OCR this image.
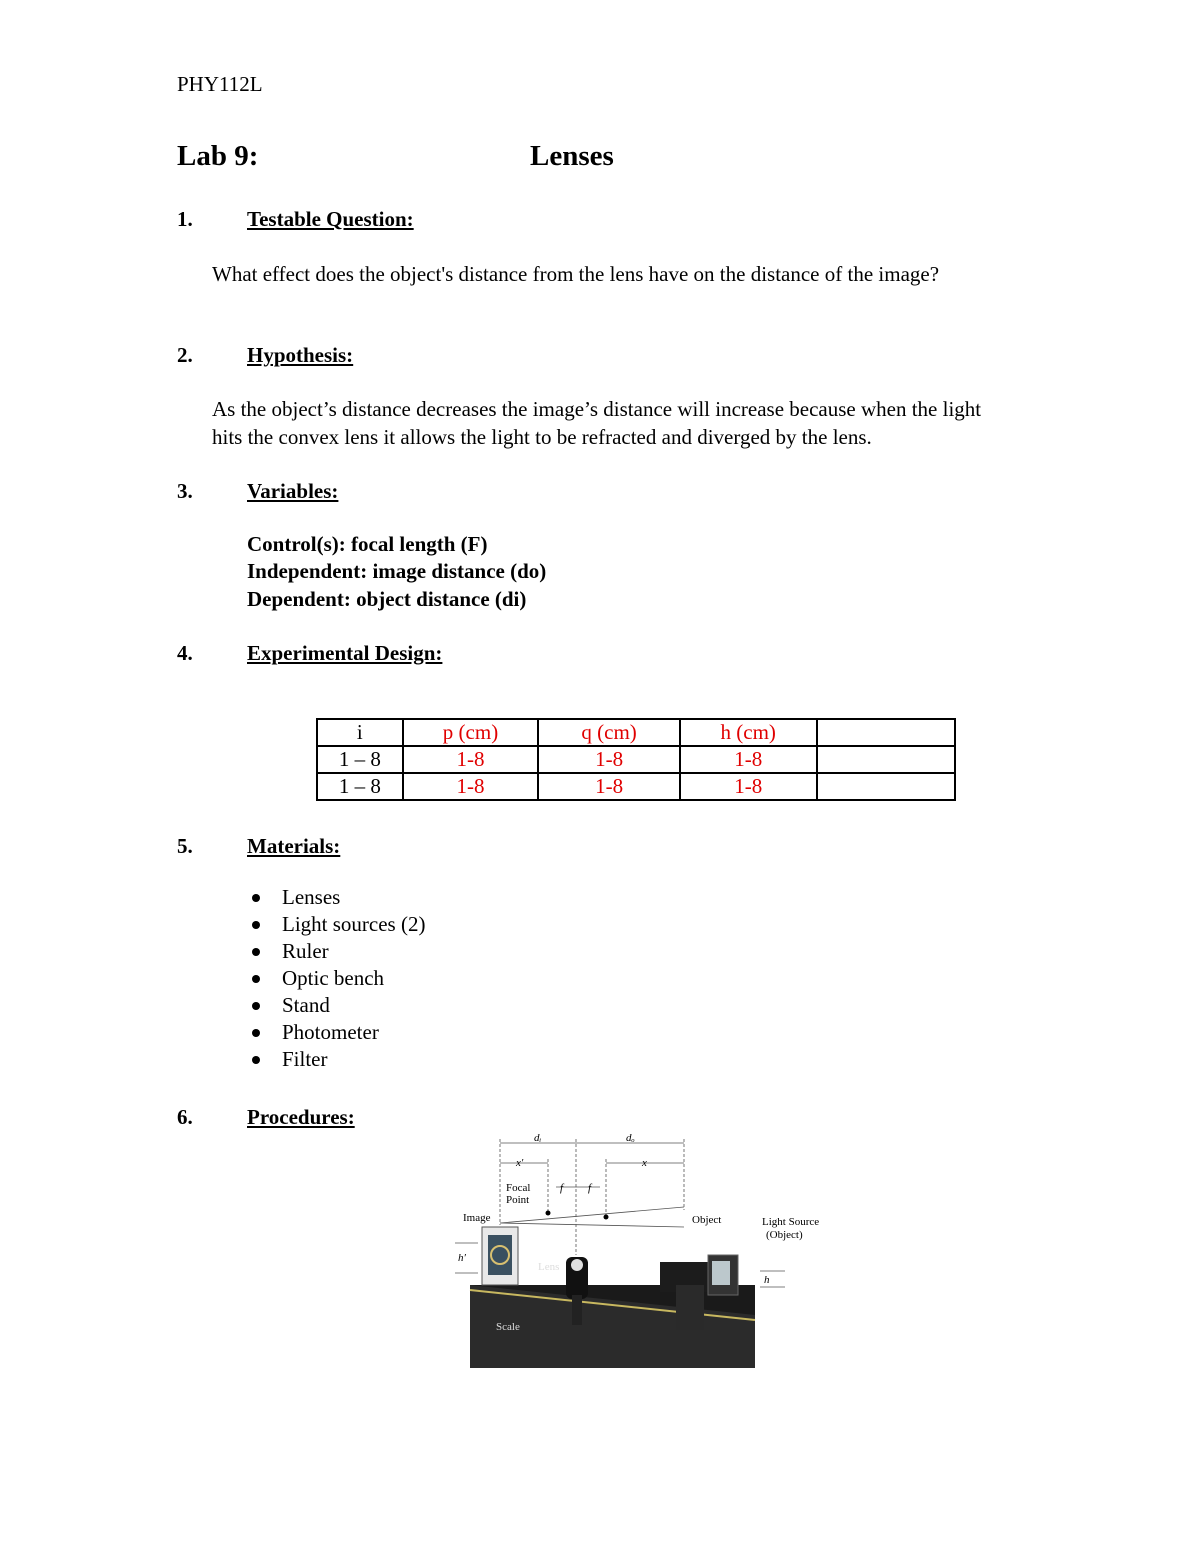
PHY112L
Lab 9:	Lenses
1.	Testable Question:
What effect does the object's distance from the lens have on the distance of the image?
2.	Hypothesis:
As the object’s distance decreases the image’s distance will increase because when the light
hits the convex lens it allows the light to be refracted and diverged by the lens.
3.	Variables:
Control(s): focal length (F)
Independent: image distance (do)
Dependent: object distance (di)
4.	Experimental Design:
i	p (cm)	q (cm)	h (cm)	
1 – 8	1-8	1-8	1-8	
1 – 8	1-8	1-8	1-8	
5.	Materials:
Lenses
Light sources (2)
Ruler
Optic bench
Stand
Photometer
Filter
6.	Procedures:
dᵢ	dₒ
x′	x
f f
Focal
Point
Image	Object	Light Source
(Object)
Lens
Scale
h′
h
